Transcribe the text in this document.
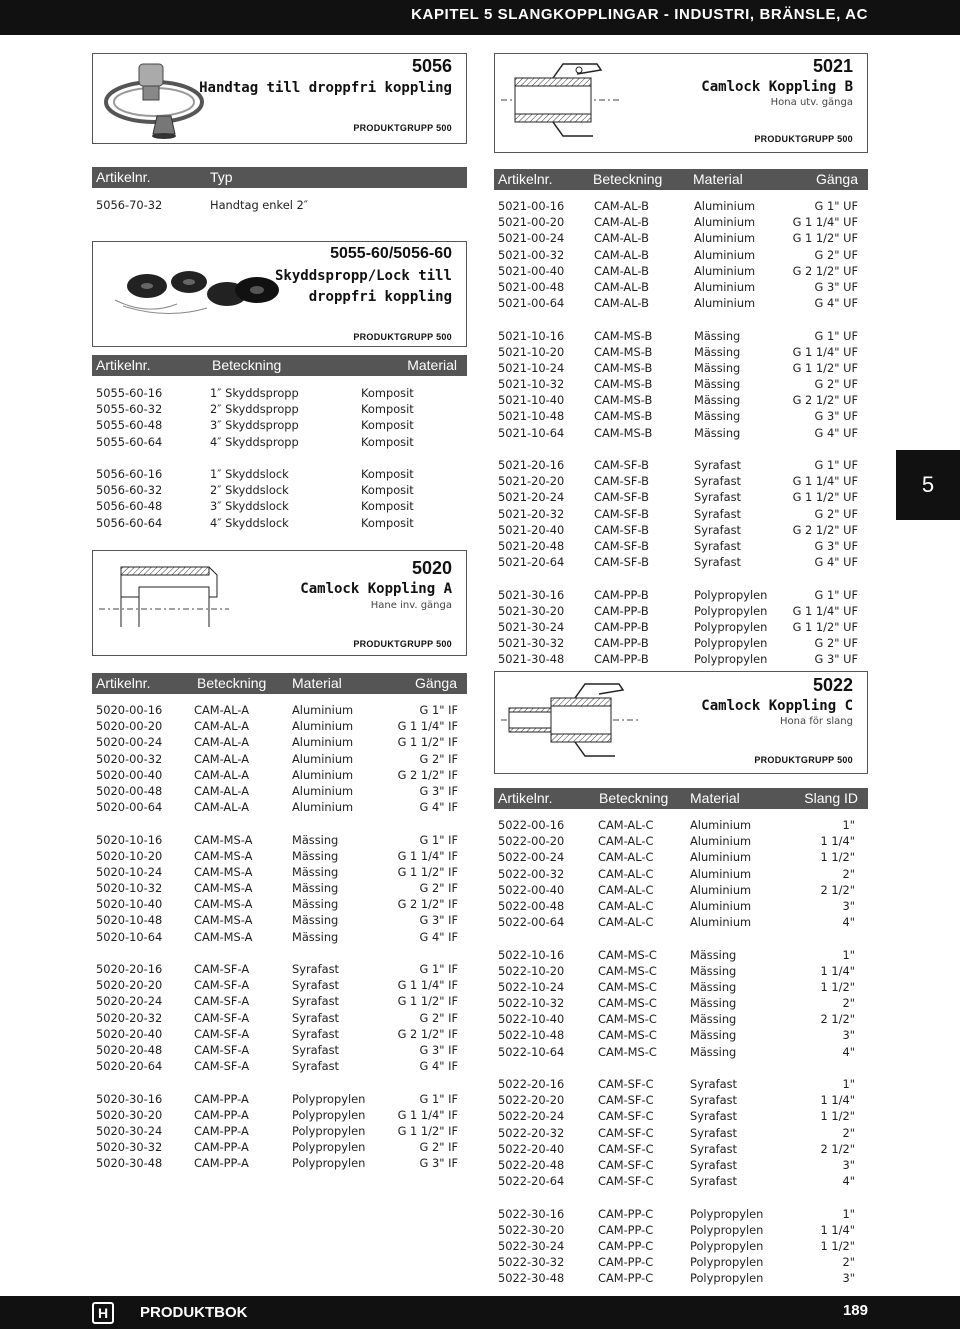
KAPITEL 5 SLANGKOPPLINGAR - INDUSTRI, BRÄNSLE, AC
5
5056
Handtag till droppfri koppling
PRODUKTGRUPP 500
Artikelnr.	Typ
5056-70-32	Handtag enkel 2″
5055-60/5056-60
Skyddspropp/Lock till
droppfri koppling
PRODUKTGRUPP 500
Artikelnr.	Beteckning	Material
5055-60-16	1″ Skyddspropp	Komposit
5055-60-32	2″ Skyddspropp	Komposit
5055-60-48	3″ Skyddspropp	Komposit
5055-60-64	4″ Skyddspropp	Komposit
5056-60-16	1″ Skyddslock	Komposit
5056-60-32	2″ Skyddslock	Komposit
5056-60-48	3″ Skyddslock	Komposit
5056-60-64	4″ Skyddslock	Komposit
5020
Camlock Koppling A
Hane inv. gänga
PRODUKTGRUPP 500
Artikelnr.	Beteckning Material	Gänga
5020-00-16	CAM-AL-A	Aluminium	G 1" IF
5020-00-20	CAM-AL-A	Aluminium	G 1 1/4" IF
5020-00-24	CAM-AL-A	Aluminium	G 1 1/2" IF
5020-00-32	CAM-AL-A	Aluminium	G 2" IF
5020-00-40	CAM-AL-A	Aluminium	G 2 1/2" IF
5020-00-48	CAM-AL-A	Aluminium	G 3" IF
5020-00-64	CAM-AL-A	Aluminium	G 4" IF
5020-10-16	CAM-MS-A	Mässing	G 1" IF
5020-10-20	CAM-MS-A	Mässing	G 1 1/4" IF
5020-10-24	CAM-MS-A	Mässing	G 1 1/2" IF
5020-10-32	CAM-MS-A	Mässing	G 2" IF
5020-10-40	CAM-MS-A	Mässing	G 2 1/2" IF
5020-10-48	CAM-MS-A	Mässing	G 3" IF
5020-10-64	CAM-MS-A	Mässing	G 4" IF
5020-20-16	CAM-SF-A	Syrafast	G 1" IF
5020-20-20	CAM-SF-A	Syrafast	G 1 1/4" IF
5020-20-24	CAM-SF-A	Syrafast	G 1 1/2" IF
5020-20-32	CAM-SF-A	Syrafast	G 2" IF
5020-20-40	CAM-SF-A	Syrafast	G 2 1/2" IF
5020-20-48	CAM-SF-A	Syrafast	G 3" IF
5020-20-64	CAM-SF-A	Syrafast	G 4" IF
5020-30-16	CAM-PP-A	Polypropylen	G 1" IF
5020-30-20	CAM-PP-A	Polypropylen	G 1 1/4" IF
5020-30-24	CAM-PP-A	Polypropylen	G 1 1/2" IF
5020-30-32	CAM-PP-A	Polypropylen	G 2" IF
5020-30-48	CAM-PP-A	Polypropylen	G 3" IF
5021
Camlock Koppling B
Hona utv. gänga
PRODUKTGRUPP 500
Artikelnr.	Beteckning Material	Gänga
5021-00-16	CAM-AL-B	Aluminium	G 1" UF
5021-00-20	CAM-AL-B	Aluminium	G 1 1/4" UF
5021-00-24	CAM-AL-B	Aluminium	G 1 1/2" UF
5021-00-32	CAM-AL-B	Aluminium	G 2" UF
5021-00-40	CAM-AL-B	Aluminium	G 2 1/2" UF
5021-00-48	CAM-AL-B	Aluminium	G 3" UF
5021-00-64	CAM-AL-B	Aluminium	G 4" UF
5021-10-16	CAM-MS-B	Mässing	G 1" UF
5021-10-20	CAM-MS-B	Mässing	G 1 1/4" UF
5021-10-24	CAM-MS-B	Mässing	G 1 1/2" UF
5021-10-32	CAM-MS-B	Mässing	G 2" UF
5021-10-40	CAM-MS-B	Mässing	G 2 1/2" UF
5021-10-48	CAM-MS-B	Mässing	G 3" UF
5021-10-64	CAM-MS-B	Mässing	G 4" UF
5021-20-16	CAM-SF-B	Syrafast	G 1" UF
5021-20-20	CAM-SF-B	Syrafast	G 1 1/4" UF
5021-20-24	CAM-SF-B	Syrafast	G 1 1/2" UF
5021-20-32	CAM-SF-B	Syrafast	G 2" UF
5021-20-40	CAM-SF-B	Syrafast	G 2 1/2" UF
5021-20-48	CAM-SF-B	Syrafast	G 3" UF
5021-20-64	CAM-SF-B	Syrafast	G 4" UF
5021-30-16	CAM-PP-B	Polypropylen	G 1" UF
5021-30-20	CAM-PP-B	Polypropylen G 1 1/4" UF
5021-30-24	CAM-PP-B	Polypropylen G 1 1/2" UF
5021-30-32	CAM-PP-B	Polypropylen	G 2" UF
5021-30-48	CAM-PP-B	Polypropylen	G 3" UF
5022
Camlock Koppling C
Hona för slang
PRODUKTGRUPP 500
Artikelnr.	Beteckning Material	Slang ID
5022-00-16	CAM-AL-C	Aluminium	1"
5022-00-20	CAM-AL-C	Aluminium	1 1/4"
5022-00-24	CAM-AL-C	Aluminium	1 1/2"
5022-00-32	CAM-AL-C	Aluminium	2"
5022-00-40	CAM-AL-C	Aluminium	2 1/2"
5022-00-48	CAM-AL-C	Aluminium	3"
5022-00-64	CAM-AL-C	Aluminium	4"
5022-10-16	CAM-MS-C	Mässing	1"
5022-10-20	CAM-MS-C	Mässing	1 1/4"
5022-10-24	CAM-MS-C	Mässing	1 1/2"
5022-10-32	CAM-MS-C	Mässing	2"
5022-10-40	CAM-MS-C	Mässing	2 1/2"
5022-10-48	CAM-MS-C	Mässing	3"
5022-10-64	CAM-MS-C	Mässing	4"
5022-20-16	CAM-SF-C	Syrafast	1"
5022-20-20	CAM-SF-C	Syrafast	1 1/4"
5022-20-24	CAM-SF-C	Syrafast	1 1/2"
5022-20-32	CAM-SF-C	Syrafast	2"
5022-20-40	CAM-SF-C	Syrafast	2 1/2"
5022-20-48	CAM-SF-C	Syrafast	3"
5022-20-64	CAM-SF-C	Syrafast	4"
5022-30-16	CAM-PP-C	Polypropylen	1"
5022-30-20	CAM-PP-C	Polypropylen	1 1/4"
5022-30-24	CAM-PP-C	Polypropylen	1 1/2"
5022-30-32	CAM-PP-C	Polypropylen	2"
5022-30-48	CAM-PP-C	Polypropylen	3"
H	PRODUKTBOK	189
